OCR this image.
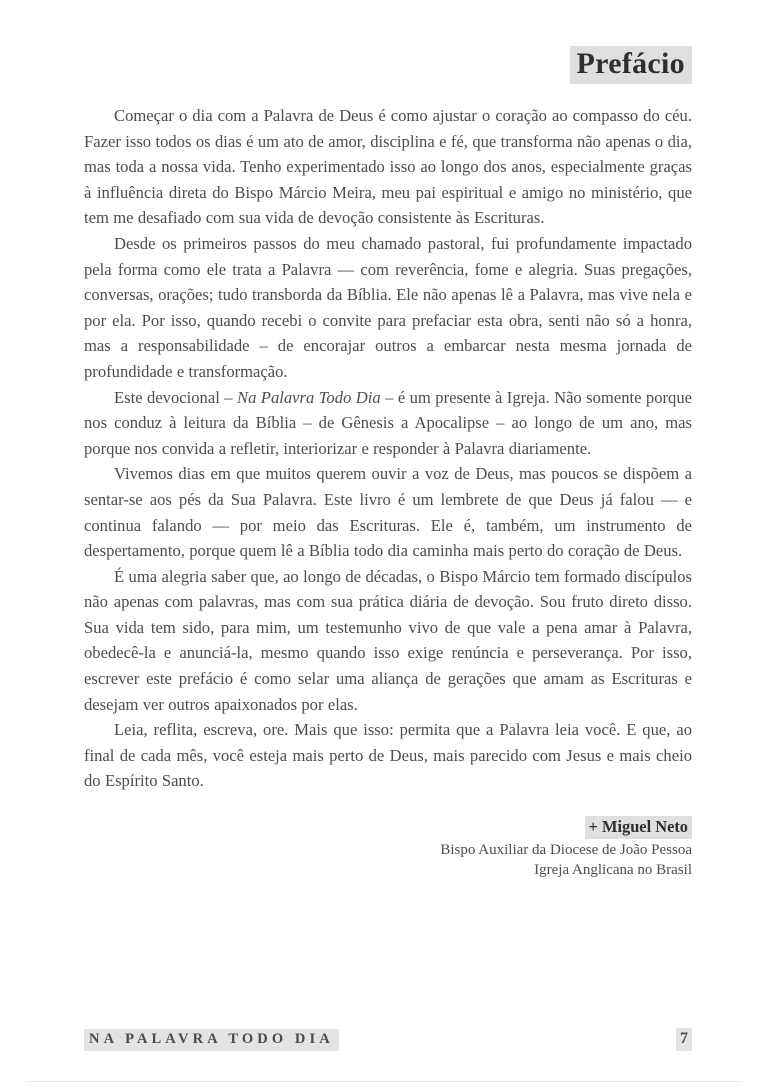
Prefácio

Começar o dia com a Palavra de Deus é como ajustar o coração ao compasso do céu. Fazer isso todos os dias é um ato de amor, disciplina e fé, que transforma não apenas o dia, mas toda a nossa vida. Tenho experimentado isso ao longo dos anos, especialmente graças à influência direta do Bispo Márcio Meira, meu pai espiritual e amigo no ministério, que tem me desafiado com sua vida de devoção consistente às Escrituras.

Desde os primeiros passos do meu chamado pastoral, fui profundamente impactado pela forma como ele trata a Palavra — com reverência, fome e alegria. Suas pregações, conversas, orações; tudo transborda da Bíblia. Ele não apenas lê a Palavra, mas vive nela e por ela. Por isso, quando recebi o convite para prefaciar esta obra, senti não só a honra, mas a responsabilidade – de encorajar outros a embarcar nesta mesma jornada de profundidade e transformação.

Este devocional – Na Palavra Todo Dia – é um presente à Igreja. Não somente porque nos conduz à leitura da Bíblia – de Gênesis a Apocalipse – ao longo de um ano, mas porque nos convida a refletir, interiorizar e responder à Palavra diariamente.

Vivemos dias em que muitos querem ouvir a voz de Deus, mas poucos se dispõem a sentar-se aos pés da Sua Palavra. Este livro é um lembrete de que Deus já falou — e continua falando — por meio das Escrituras. Ele é, também, um instrumento de despertamento, porque quem lê a Bíblia todo dia caminha mais perto do coração de Deus.

É uma alegria saber que, ao longo de décadas, o Bispo Márcio tem formado discípulos não apenas com palavras, mas com sua prática diária de devoção. Sou fruto direto disso. Sua vida tem sido, para mim, um testemunho vivo de que vale a pena amar à Palavra, obedecê-la e anunciá-la, mesmo quando isso exige renúncia e perseverança. Por isso, escrever este prefácio é como selar uma aliança de gerações que amam as Escrituras e desejam ver outros apaixonados por elas.

Leia, reflita, escreva, ore. Mais que isso: permita que a Palavra leia você. E que, ao final de cada mês, você esteja mais perto de Deus, mais parecido com Jesus e mais cheio do Espírito Santo.

+ Miguel Neto
Bispo Auxiliar da Diocese de João Pessoa
Igreja Anglicana no Brasil
NA PALAVRA TODO DIA	7
